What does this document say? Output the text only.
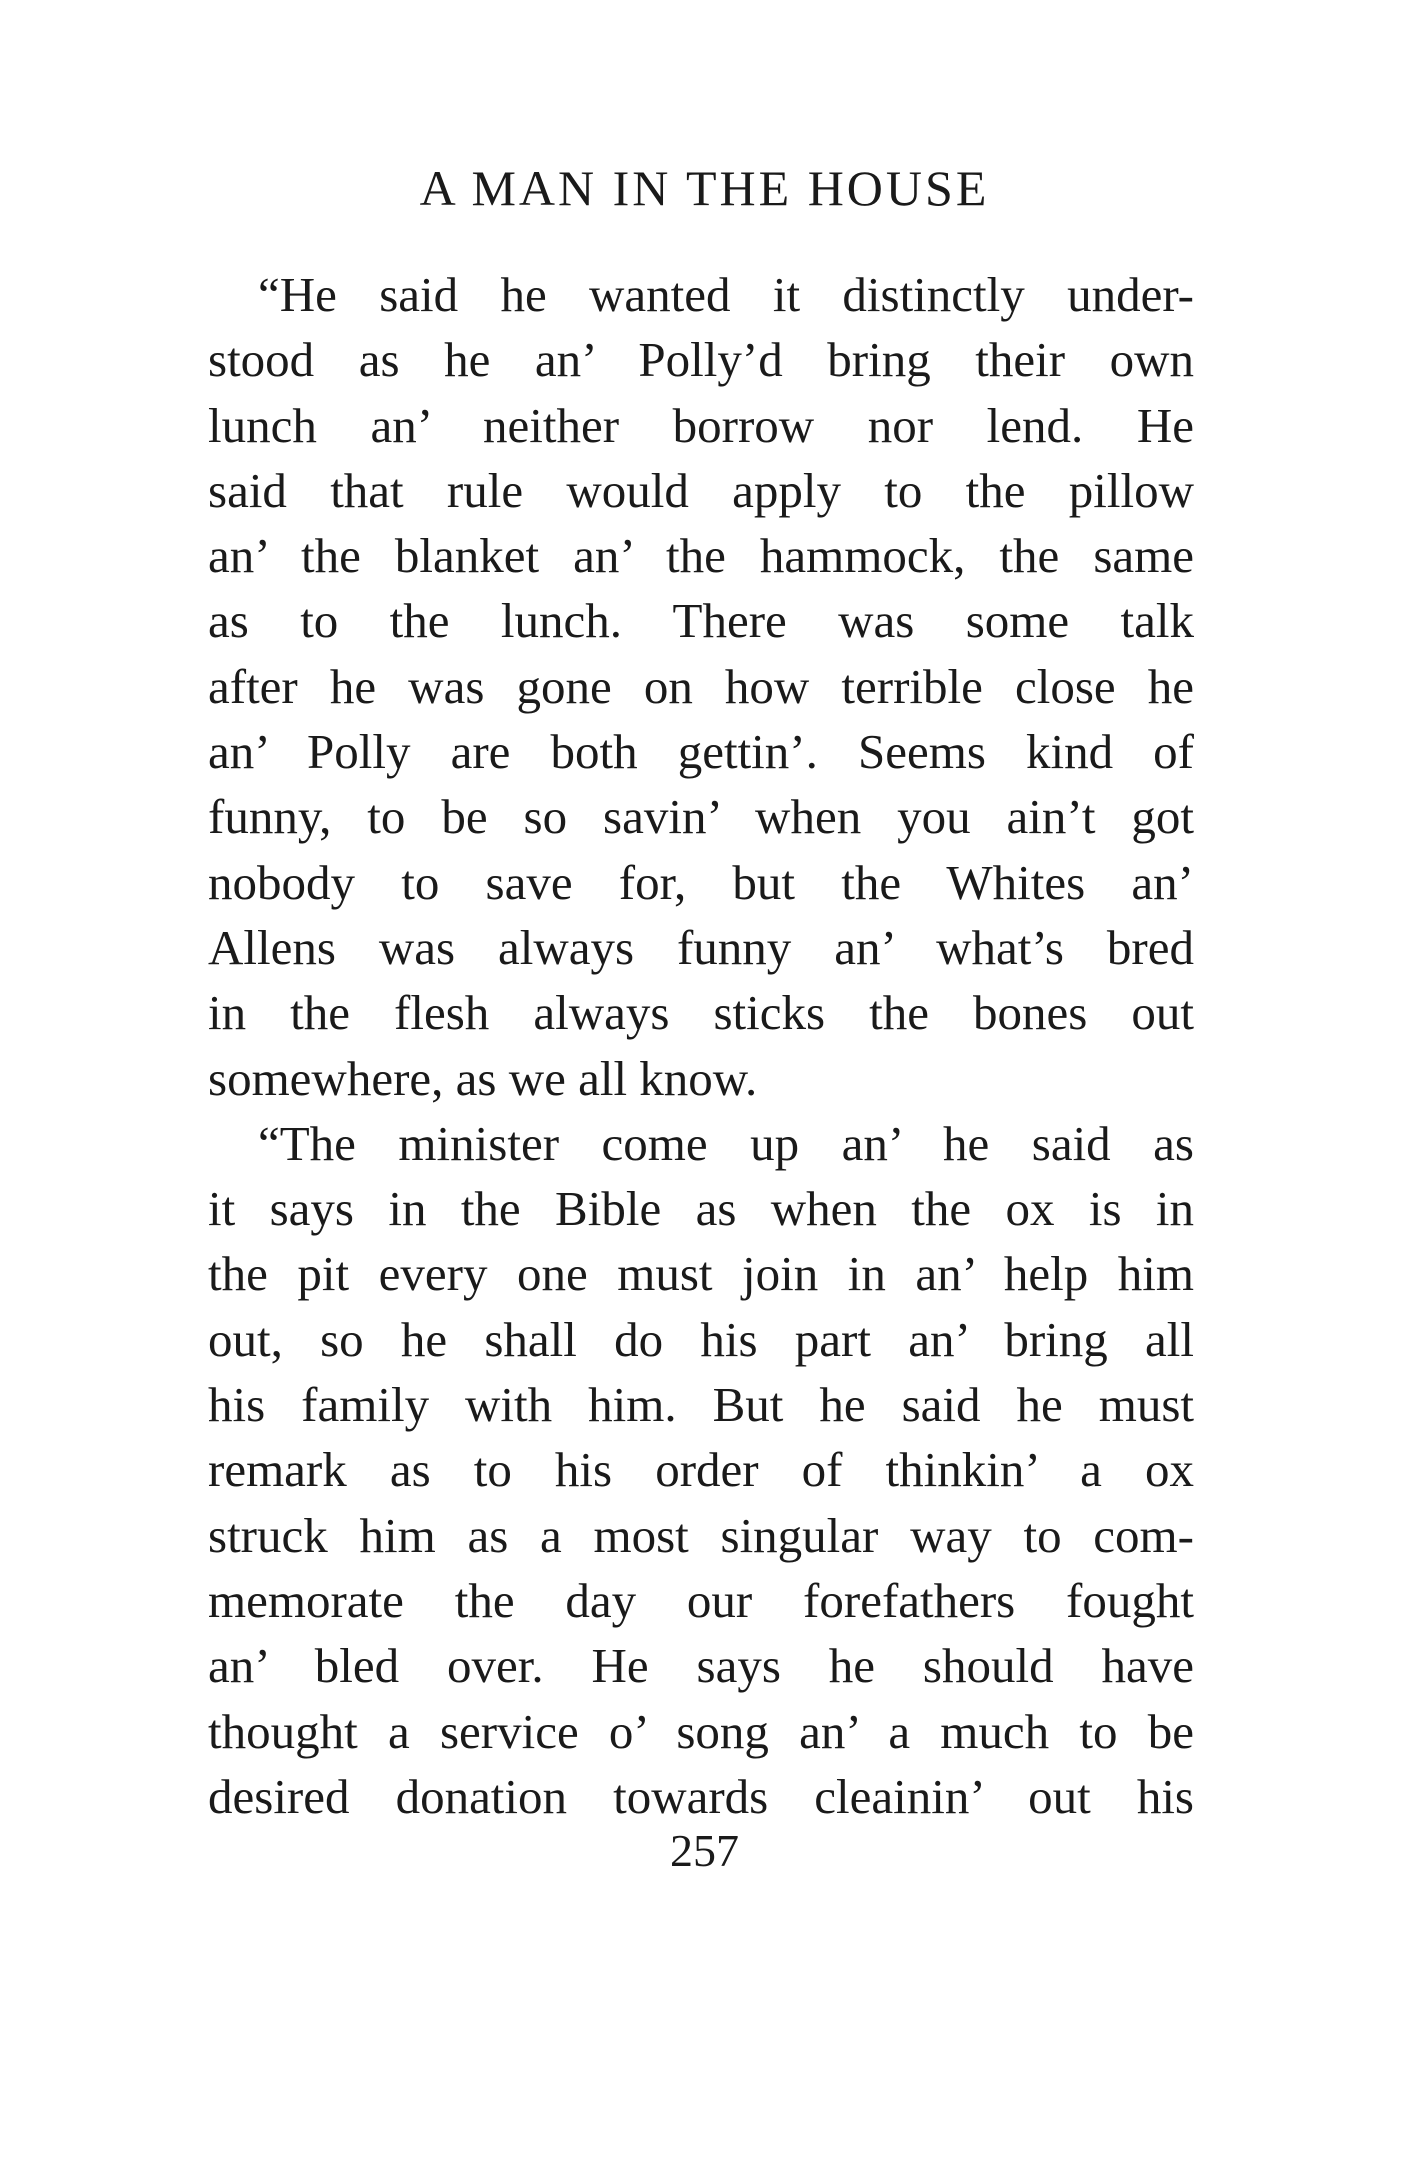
A MAN IN THE HOUSE
“He said he wanted it distinctly under-
stood as he an’ Polly’d bring their own
lunch an’ neither borrow nor lend. He
said that rule would apply to the pillow
an’ the blanket an’ the hammock, the same
as to the lunch. There was some talk
after he was gone on how terrible close he
an’ Polly are both gettin’. Seems kind of
funny, to be so savin’ when you ain’t got
nobody to save for, but the Whites an’
Allens was always funny an’ what’s bred
in the flesh always sticks the bones out
somewhere, as we all know.
“The minister come up an’ he said as
it says in the Bible as when the ox is in
the pit every one must join in an’ help him
out, so he shall do his part an’ bring all
his family with him. But he said he must
remark as to his order of thinkin’ a ox
struck him as a most singular way to com-
memorate the day our forefathers fought
an’ bled over. He says he should have
thought a service o’ song an’ a much to be
desired donation towards cleainin’ out his
257
